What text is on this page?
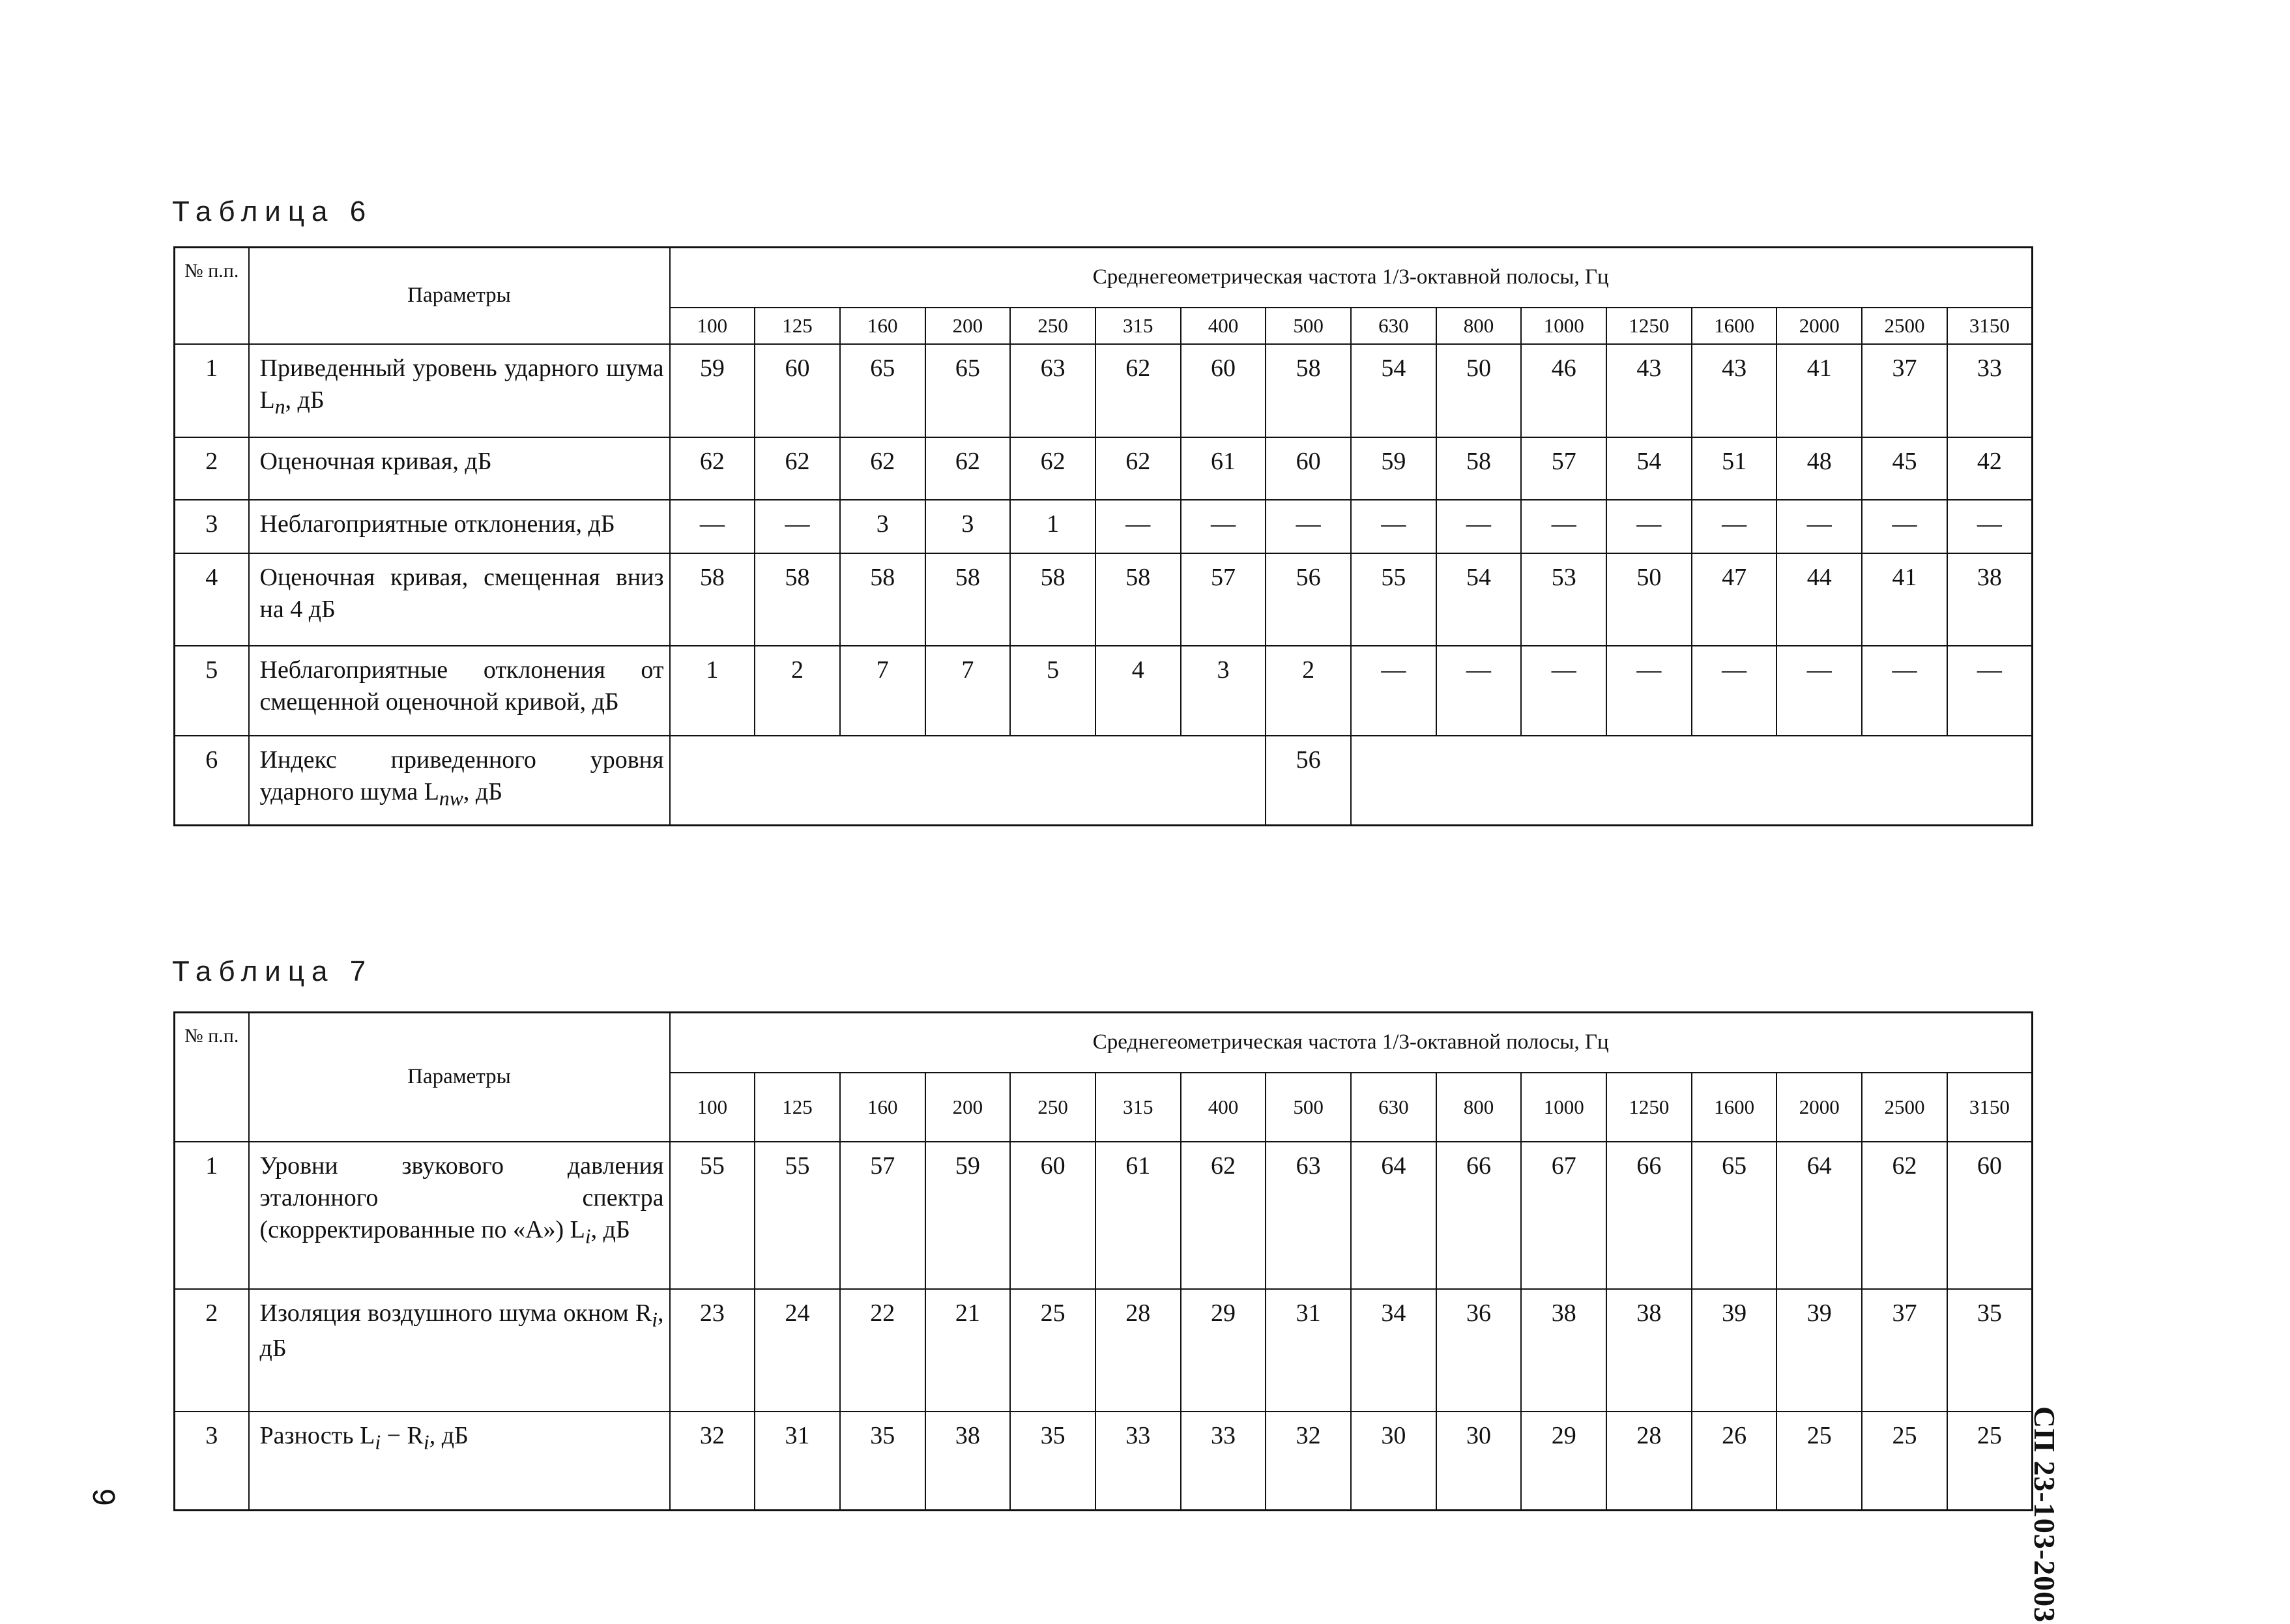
Таблица 6
№ п.п.	Параметры	Среднегеометрическая частота 1/3-октавной полосы, Гц															
		100	125	160	200	250	315	400	500	630	800	1000	1250	1600	2000	2500	3150
1	Приведенный уровень ударного шума $L_n$, дБ	59	60	65	65	63	62	60	58	54	50	46	43	43	41	37	33
2	Оценочная кривая, дБ	62	62	62	62	62	62	61	60	59	58	57	54	51	48	45	42
3	Неблагоприятные отклонения, дБ	—	—	3	3	1	—	—	—	—	—	—	—	—	—	—	—
4	Оценочная кривая, смещенная вниз на 4 дБ	58	58	58	58	58	58	57	56	55	54	53	50	47	44	41	38
5	Неблагоприятные отклонения от смещенной оценочной кривой, дБ	1	2	7	7	5	4	3	2	—	—	—	—	—	—	—	—
6	Индекс приведенного уровня ударного шума $L_{nw}$, дБ								56								
Таблица 7
№ п.п.	Параметры	Среднегеометрическая частота 1/3-октавной полосы, Гц															
		100	125	160	200	250	315	400	500	630	800	1000	1250	1600	2000	2500	3150
1	Уровни звукового давления эталонного спектра (скорректированные по «А») $L_i$, дБ	55	55	57	59	60	61	62	63	64	66	67	66	65	64	62	60
2	Изоляция воздушного шума окном $R_i$, дБ	23	24	22	21	25	28	29	31	34	36	38	38	39	39	37	35
3	Разность $L_i - R_i$, дБ	32	31	35	38	35	33	33	32	30	30	29	28	26	25	25	25 СП 23-103-2003
9
